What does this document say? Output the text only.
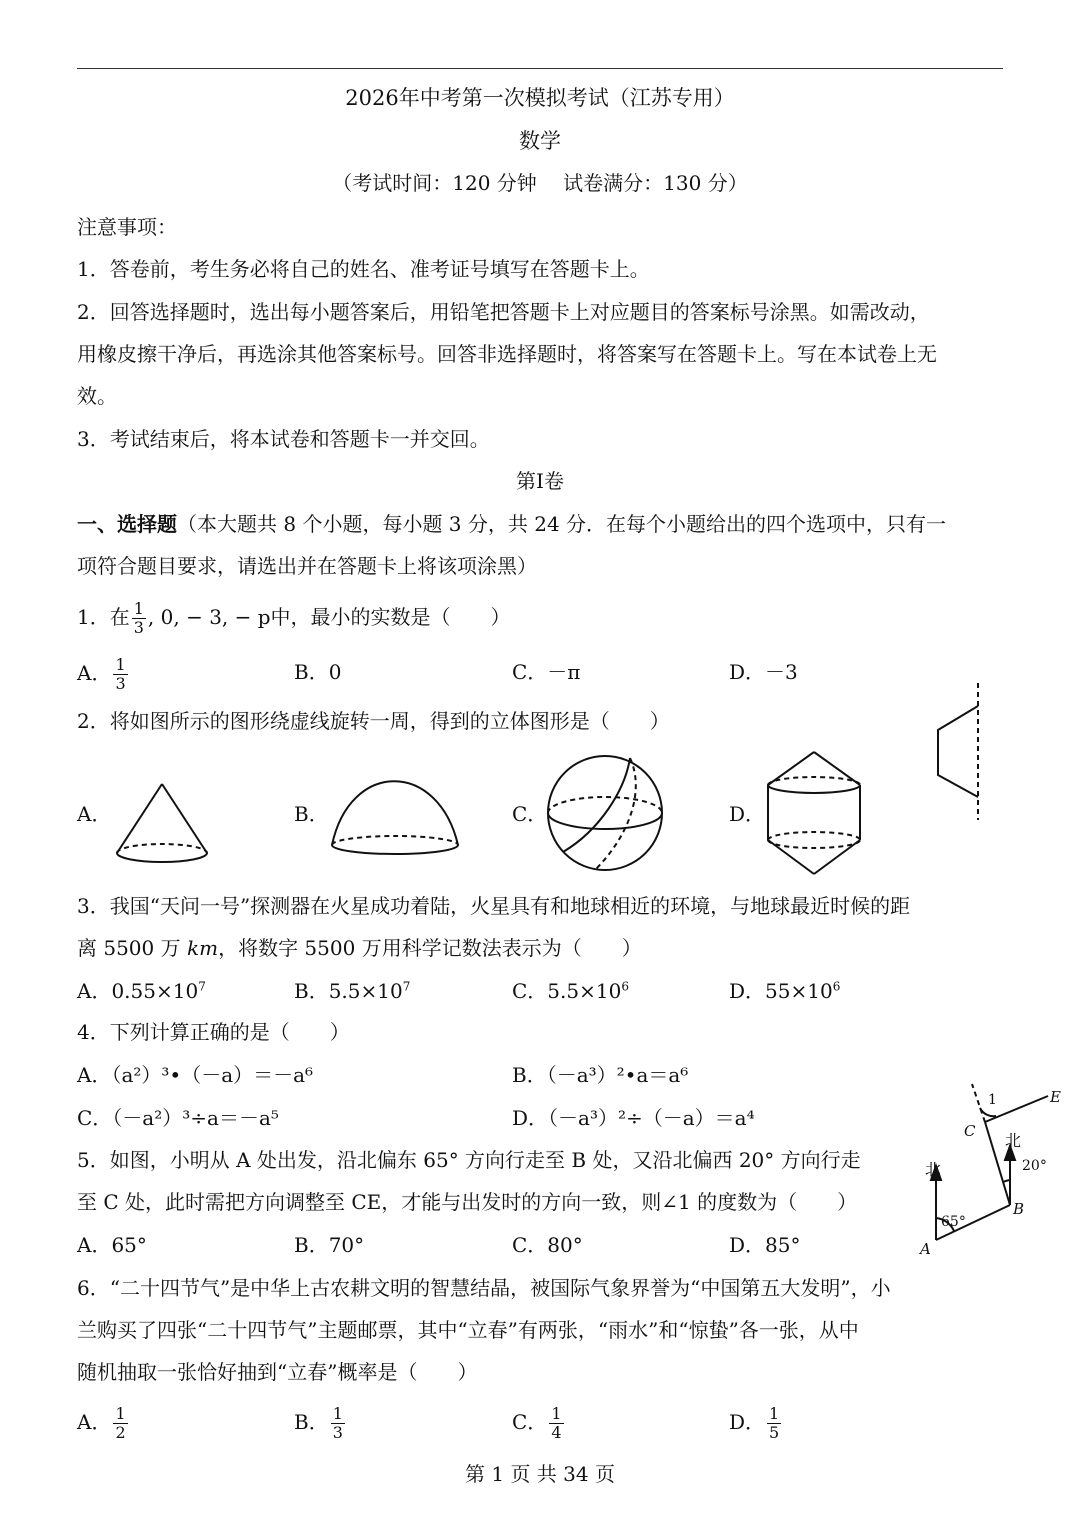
2026年中考第一次模拟考试（江苏专用）
数学
（考试时间：120 分钟　 试卷满分：130 分）
注意事项：
1．答卷前，考生务必将自己的姓名、准考证号填写在答题卡上。
2．回答选择题时，选出每小题答案后，用铅笔把答题卡上对应题目的答案标号涂黑。如需改动，
用橡皮擦干净后，再选涂其他答案标号。回答非选择题时，将答案写在答题卡上。写在本试卷上无
效。
3．考试结束后，将本试卷和答题卡一并交回。
第Ⅰ卷
一、选择题（本大题共 8 个小题，每小题 3 分，共 24 分．在每个小题给出的四个选项中，只有一
项符合题目要求，请选出并在答题卡上将该项涂黑）
1．在 $\frac{1}{3}$ , 0, − 3, − p中，最小的实数是（　　）
A． $\frac{1}{3}$	B．0	C．－π	D．－3
2．将如图所示的图形绕虚线旋转一周，得到的立体图形是（　　）
A．	B．	C．	D．
3．我国“天问一号”探测器在火星成功着陆，火星具有和地球相近的环境，与地球最近时候的距
离 5500 万 km，将数字 5500 万用科学记数法表示为（　　）
A．$0.55\times 10^7$	B．$5.5\times 10^7$	C．$5.5\times 10^6$	D．$55\times 10^6$
4．下列计算正确的是（　　）
A．（a²）³•（－a）＝－a⁶	B．（－a³）²•a＝a⁶
C．（－a²）³÷a＝－a⁵	D．（－a³）²÷（－a）＝a⁴
5．如图，小明从 A 处出发，沿北偏东 65° 方向行走至 B 处，又沿北偏西 20° 方向行走
至 C 处，此时需把方向调整至 CE，才能与出发时的方向一致，则∠1 的度数为（　　）
A．65°	B．70°	C．80°	D．85°
北
北
65°
20°
1
A
B
C
E
6．“二十四节气”是中华上古农耕文明的智慧结晶，被国际气象界誉为“中国第五大发明”，小
兰购买了四张“二十四节气”主题邮票，其中“立春”有两张，“雨水”和“惊蛰”各一张，从中
随机抽取一张恰好抽到“立春”概率是（　　）
A． $\frac{1}{2}$	B． $\frac{1}{3}$	C． $\frac{1}{4}$	D． $\frac{1}{5}$
第 1 页 共 34 页
